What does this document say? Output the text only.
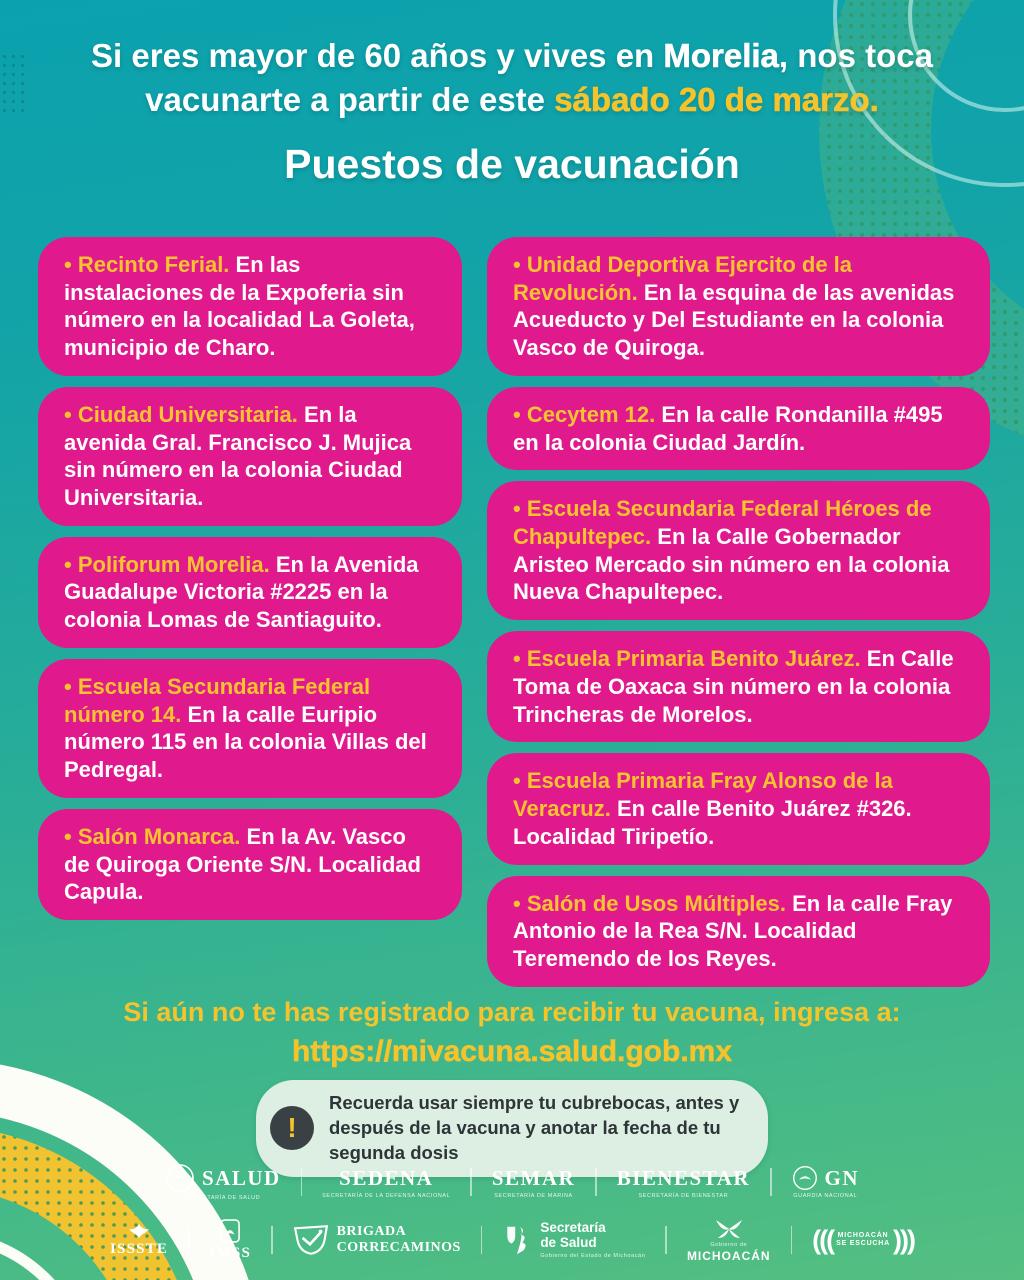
Si eres mayor de 60 años y vives en Morelia, nos toca vacunarte a partir de este sábado 20 de marzo.
Puestos de vacunación
• Recinto Ferial. En las instalaciones de la Expoferia sin número en la localidad La Goleta, municipio de Charo.
• Ciudad Universitaria. En la avenida Gral. Francisco J. Mujica sin número en la colonia Ciudad Universitaria.
• Poliforum Morelia. En la Avenida Guadalupe Victoria #2225 en la colonia Lomas de Santiaguito.
• Escuela Secundaria Federal número 14. En la calle Euripio número 115 en la colonia Villas del Pedregal.
• Salón Monarca. En la Av. Vasco de Quiroga Oriente S/N. Localidad Capula.
• Unidad Deportiva Ejercito de la Revolución. En la esquina de las avenidas Acueducto y Del Estudiante en la colonia Vasco de Quiroga.
• Cecytem 12. En la calle Rondanilla #495 en la colonia Ciudad Jardín.
• Escuela Secundaria Federal Héroes de Chapultepec. En la Calle Gobernador Aristeo Mercado sin número en la colonia Nueva Chapultepec.
• Escuela Primaria Benito Juárez. En Calle Toma de Oaxaca sin número en la colonia Trincheras de Morelos.
• Escuela Primaria Fray Alonso de la Veracruz. En calle Benito Juárez #326. Localidad Tiripetío.
• Salón de Usos Múltiples. En la calle Fray Antonio de la Rea S/N. Localidad Teremendo de los Reyes.
Si aún no te has registrado para recibir tu vacuna, ingresa a:
https://mivacuna.salud.gob.mx
!
Recuerda usar siempre tu cubrebocas, antes y después de la vacuna y anotar la fecha de tu segunda dosis
SALUD
SECRETARÍA DE SALUD
SEDENA
SECRETARÍA DE LA DEFENSA NACIONAL
SEMAR
SECRETARÍA DE MARINA
BIENESTAR
SECRETARÍA DE BIENESTAR
GN
GUARDIA NACIONAL
ISSSTE	IMSS
BRIGADA
CORRECAMINOS
Secretaría
de Salud
Gobierno del Estado de Michoacán
Gobierno de
MICHOACÁN
((( MICHOACÁN
SE ESCUCHA )))
